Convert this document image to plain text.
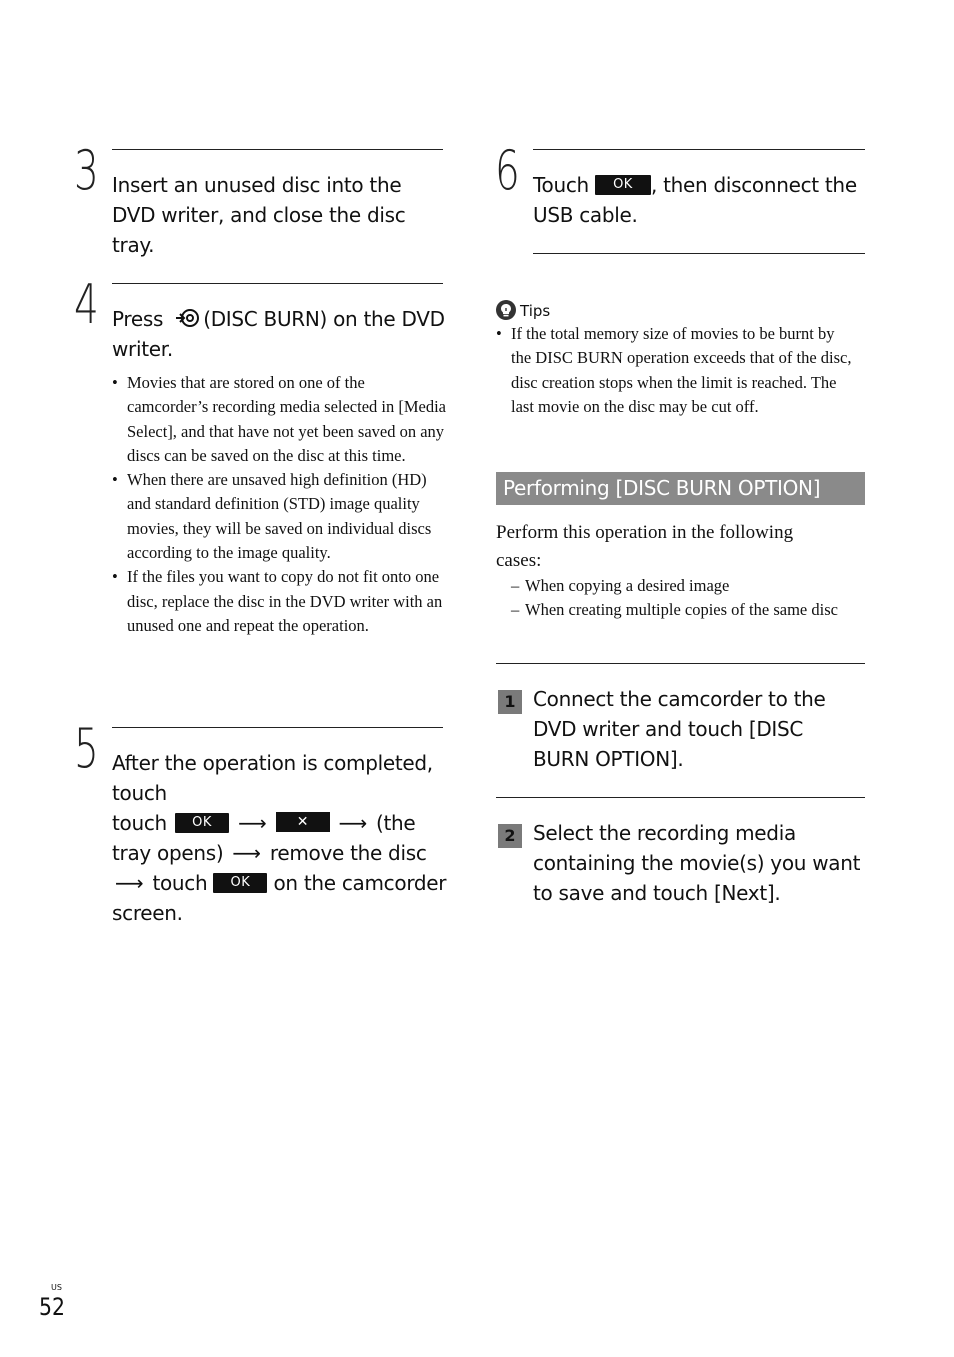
3 Insert an unused disc into the DVD writer, and close the disc tray.
4 Press (DISC BURN) on the DVD writer.
• Movies that are stored on one of the camcorder’s recording media selected in [Media Select], and that have not yet been saved on any discs can be saved on the disc at this time.
• When there are unsaved high definition (HD) and standard definition (STD) image quality movies, they will be saved on individual discs according to the image quality.
• If the files you want to copy do not fit onto one disc, replace the disc in the DVD writer with an unused one and repeat the operation.
5 After the operation is completed, touch
touch OK ⟶ ✕ ⟶ (the tray opens) ⟶ remove the disc ⟶ touch OK on the camcorder screen.
6 Touch OK , then disconnect the USB cable.
Tips
• If the total memory size of movies to be burnt by the DISC BURN operation exceeds that of the disc, disc creation stops when the limit is reached. The last movie on the disc may be cut off.
Performing [DISC BURN OPTION]
Perform this operation in the following cases:
– When copying a desired image
– When creating multiple copies of the same disc
1 Connect the camcorder to the DVD writer and touch [DISC BURN OPTION].
2 Select the recording media containing the movie(s) you want to save and touch [Next].
US
52
